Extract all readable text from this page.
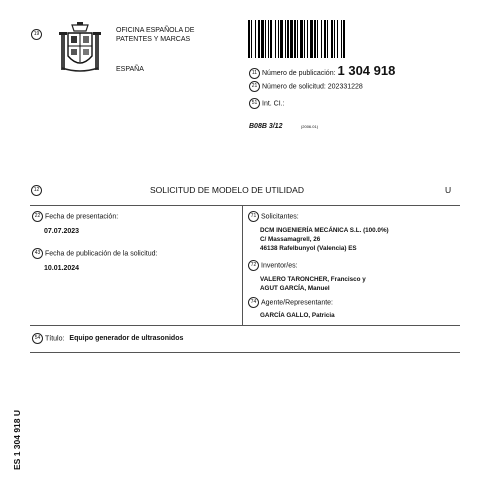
19	OFICINA ESPAÑOLA DE
PATENTES Y MARCAS
ESPAÑA	11 Número de publicación: 1 304 918
21 Número de solicitud: 202331228
51 Int. CI.:
B08B 3/12	(2006.01)
12	SOLICITUD DE MODELO DE UTILIDAD	U
22 Fecha de presentación:
07.07.2023
43 Fecha de publicación de la solicitud:
10.01.2024
71 Solicitantes:
DCM INGENIERÍA MECÁNICA S.L. (100.0%)
C/ Massamagrell, 26
46138 Rafelbunyol (Valencia) ES
72 Inventor/es:
VALERO TARONCHER, Francisco y
AGUT GARCÍA, Manuel
74 Agente/Representante:
GARCÍA GALLO, Patricia
54 Título: Equipo generador de ultrasonidos
ES 1 304 918 U
